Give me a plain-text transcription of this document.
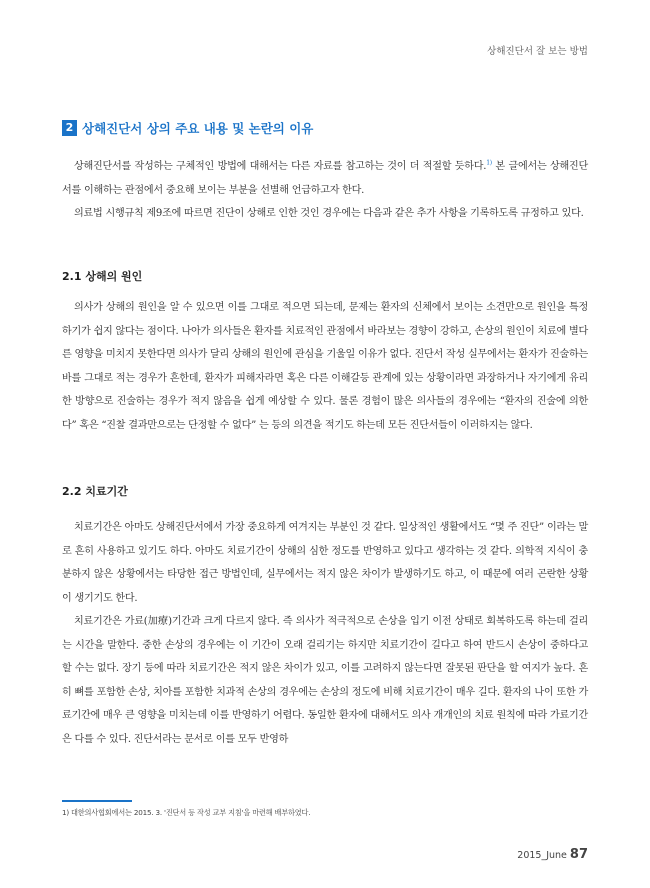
상해진단서 잘 보는 방법
2 상해진단서 상의 주요 내용 및 논란의 이유

상해진단서를 작성하는 구체적인 방법에 대해서는 다른 자료를 참고하는 것이 더 적절할 듯하다.$^{1)}$ 본 글에서는 상해진단서를 이해하는 관점에서 중요해 보이는 부분을 선별해 언급하고자 한다.

의료법 시행규칙 제9조에 따르면 진단이 상해로 인한 것인 경우에는 다음과 같은 추가 사항을 기록하도록 규정하고 있다.

2.1 상해의 원인

의사가 상해의 원인을 알 수 있으면 이를 그대로 적으면 되는데, 문제는 환자의 신체에서 보이는 소견만으로 원인을 특정하기가 쉽지 않다는 점이다. 나아가 의사들은 환자를 치료적인 관점에서 바라보는 경향이 강하고, 손상의 원인이 치료에 별다른 영향을 미치지 못한다면 의사가 달리 상해의 원인에 관심을 기울일 이유가 없다. 진단서 작성 실무에서는 환자가 진술하는 바를 그대로 적는 경우가 흔한데, 환자가 피해자라면 혹은 다른 이해갈등 관계에 있는 상황이라면 과장하거나 자기에게 유리한 방향으로 진술하는 경우가 적지 않음을 쉽게 예상할 수 있다. 물론 경험이 많은 의사들의 경우에는 “환자의 진술에 의한다” 혹은 “진찰 결과만으로는 단정할 수 없다” 는 등의 의견을 적기도 하는데 모든 진단서들이 이러하지는 않다.

2.2 치료기간

치료기간은 아마도 상해진단서에서 가장 중요하게 여겨지는 부분인 것 같다. 일상적인 생활에서도 “몇 주 진단” 이라는 말로 흔히 사용하고 있기도 하다. 아마도 치료기간이 상해의 심한 정도를 반영하고 있다고 생각하는 것 같다. 의학적 지식이 충분하지 않은 상황에서는 타당한 접근 방법인데, 실무에서는 적지 않은 차이가 발생하기도 하고, 이 때문에 여러 곤란한 상황이 생기기도 한다.

치료기간은 가료(加療)기간과 크게 다르지 않다. 즉 의사가 적극적으로 손상을 입기 이전 상태로 회복하도록 하는데 걸리는 시간을 말한다. 중한 손상의 경우에는 이 기간이 오래 걸리기는 하지만 치료기간이 길다고 하여 반드시 손상이 중하다고 할 수는 없다. 장기 등에 따라 치료기간은 적지 않은 차이가 있고, 이를 고려하지 않는다면 잘못된 판단을 할 여지가 높다. 흔히 뼈를 포함한 손상, 치아를 포함한 치과적 손상의 경우에는 손상의 정도에 비해 치료기간이 매우 길다. 환자의 나이 또한 가료기간에 매우 큰 영향을 미치는데 이를 반영하기 어렵다. 동일한 환자에 대해서도 의사 개개인의 치료 원칙에 따라 가료기간은 다를 수 있다. 진단서라는 문서로 이를 모두 반영하

1) 대한의사협회에서는 2015. 3. '진단서 등 작성 교부 지침'을 마련해 배부하였다.
2015_June 87
